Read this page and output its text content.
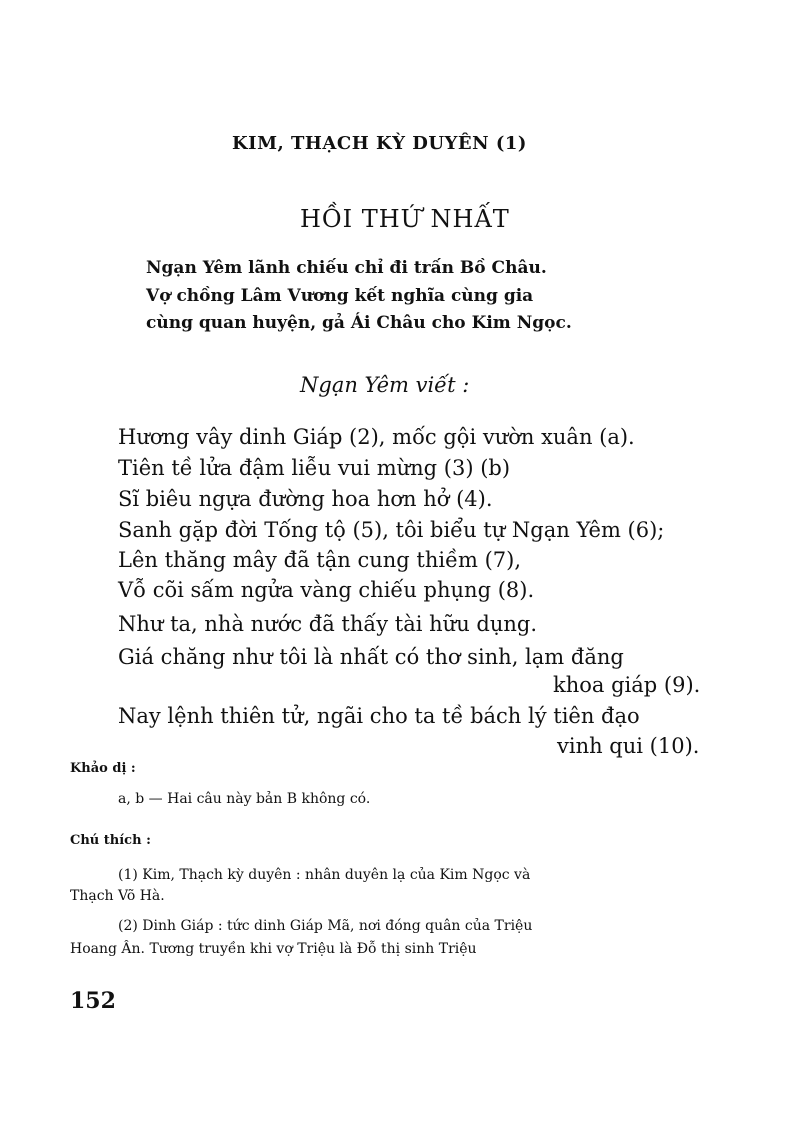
KIM, THẠCH KỲ DUYÊN (1)
HỒI THỨ NHẤT
Ngạn Yêm lãnh chiếu chỉ đi trấn Bồ Châu.
Vợ chồng Lâm Vương kết nghĩa cùng gia
cùng quan huyện, gả Ái Châu cho Kim Ngọc.
Ngạn Yêm viết :
Hương vây dinh Giáp (2), mốc gội vườn xuân (a).
Tiên tề lửa đậm liễu vui mừng (3) (b)
Sĩ biêu ngựa đường hoa hơn hở (4).
Sanh gặp đời Tống tộ (5), tôi biểu tự Ngạn Yêm (6);
Lên thăng mây đã tận cung thiềm (7),
Vỗ cõi sấm ngửa vàng chiếu phụng (8).
Như ta, nhà nước đã thấy tài hữu dụng.
Giá chăng như tôi là nhất có thơ sinh, lạm đăng
khoa giáp (9).
Nay lệnh thiên tử, ngãi cho ta tề bách lý tiên đạo
vinh qui (10).
Khảo dị :
a, b — Hai câu này bản B không có.
Chú thích :
(1) Kim, Thạch kỳ duyên : nhân duyên lạ của Kim Ngọc và
Thạch Võ Hà.
(2) Dinh Giáp : tức dinh Giáp Mã, nơi đóng quân của Triệu
Hoang Ân. Tương truyền khi vợ Triệu là Đỗ thị sinh Triệu
152
